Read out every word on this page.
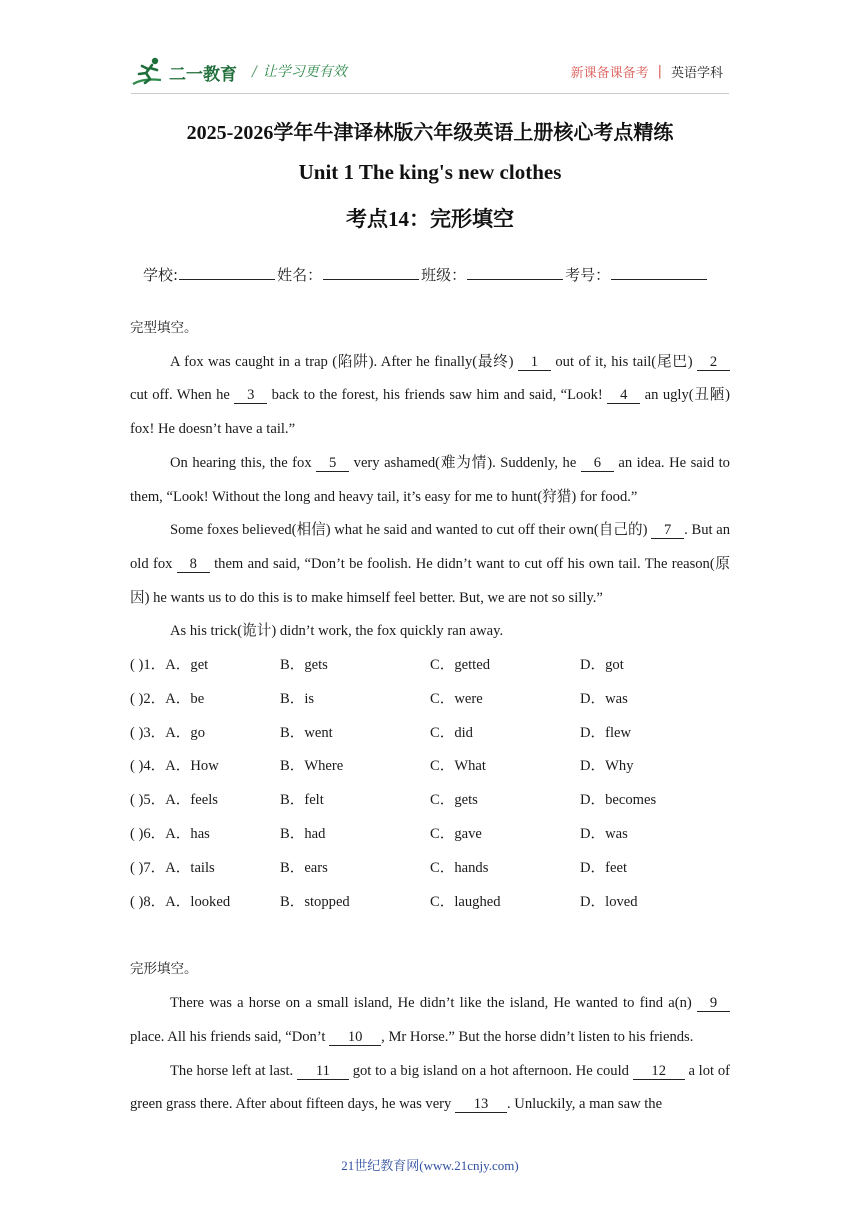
二一教育 / 让学习更有效	新课备课备考 | 英语学科
2025-2026学年牛津译林版六年级英语上册核心考点精练
Unit 1 The king's new clothes
考点14：完形填空
学校:	姓名：	班级：	考号：
完型填空。
A fox was caught in a trap (陷阱). After he finally(最终) 1 out of it, his tail(尾巴) 2 cut off. When he 3 back to the forest, his friends saw him and said, “Look! 4 an ugly(丑陋) fox! He doesn’t have a tail.”
On hearing this, the fox 5 very ashamed(难为情). Suddenly, he 6 an idea. He said to them, “Look! Without the long and heavy tail, it’s easy for me to hunt(狩猎) for food.”
Some foxes believed(相信) what he said and wanted to cut off their own(自己的) 7 . But an old fox 8 them and said, “Don’t be foolish. He didn’t want to cut off his own tail. The reason(原因) he wants us to do this is to make himself feel better. But, we are not so silly.”
As his trick(诡计) didn’t work, the fox quickly ran away.
( )1．A．get	B．gets	C．getted	D．got
( )2．A．be	B．is	C．were	D．was
( )3．A．go	B．went	C．did	D．flew
( )4．A．How	B．Where	C．What	D．Why
( )5．A．feels	B．felt	C．gets	D．becomes
( )6．A．has	B．had	C．gave	D．was
( )7．A．tails	B．ears	C．hands	D．feet
( )8．A．looked	B．stopped	C．laughed	D．loved
完形填空。
There was a horse on a small island, He didn’t like the island, He wanted to find a(n) 9 place. All his friends said, “Don’t 10 , Mr Horse.” But the horse didn’t listen to his friends.
The horse left at last. 11 got to a big island on a hot afternoon. He could 12 a lot of green grass there. After about fifteen days, he was very 13 . Unluckily, a man saw the
21世纪教育网(www.21cnjy.com)
